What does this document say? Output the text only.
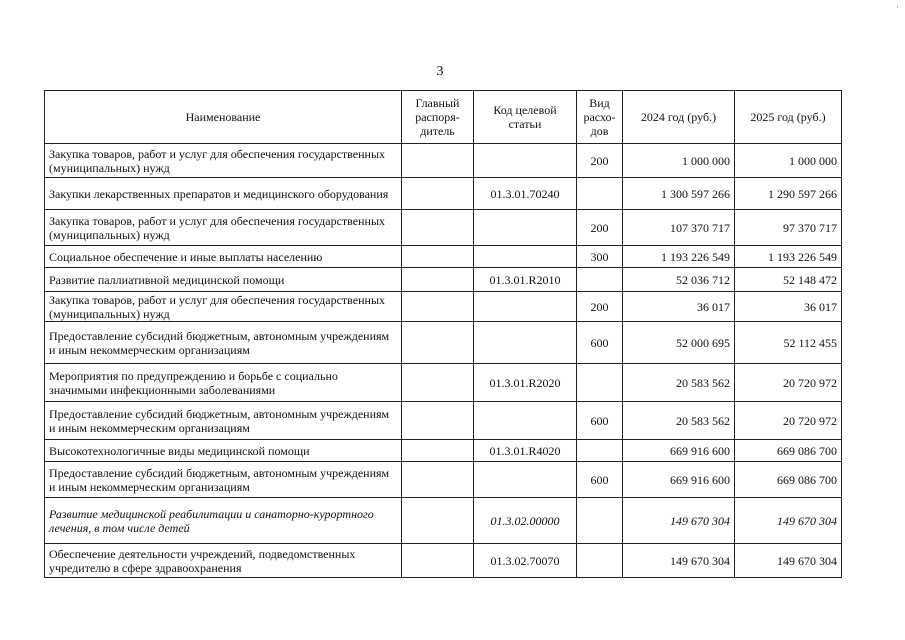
'
3
Наименование	Главный распоря-дитель	Код целевой статьи	Вид расхо-дов	2024 год (руб.)	2025 год (руб.)
Закупка товаров, работ и услуг для обеспечения государственных (муниципальных) нужд			200	1 000 000	1 000 000
Закупки лекарственных препаратов и медицинского оборудования		01.3.01.70240		1 300 597 266	1 290 597 266
Закупка товаров, работ и услуг для обеспечения государственных (муниципальных) нужд			200	107 370 717	97 370 717
Социальное обеспечение и иные выплаты населению			300	1 193 226 549	1 193 226 549
Развитие паллиативной медицинской помощи		01.3.01.R2010		52 036 712	52 148 472
Закупка товаров, работ и услуг для обеспечения государственных (муниципальных) нужд			200	36 017	36 017
Предоставление субсидий бюджетным, автономным учреждениям и иным некоммерческим организациям			600	52 000 695	52 112 455
Мероприятия по предупреждению и борьбе с социально значимыми инфекционными заболеваниями		01.3.01.R2020		20 583 562	20 720 972
Предоставление субсидий бюджетным, автономным учреждениям и иным некоммерческим организациям			600	20 583 562	20 720 972
Высокотехнологичные виды медицинской помощи		01.3.01.R4020		669 916 600	669 086 700
Предоставление субсидий бюджетным, автономным учреждениям и иным некоммерческим организациям			600	669 916 600	669 086 700
Развитие медицинской реабилитации и санаторно-курортного лечения, в том числе детей		01.3.02.00000		149 670 304	149 670 304
Обеспечение деятельности учреждений, подведомственных учредителю в сфере здравоохранения		01.3.02.70070		149 670 304	149 670 304
